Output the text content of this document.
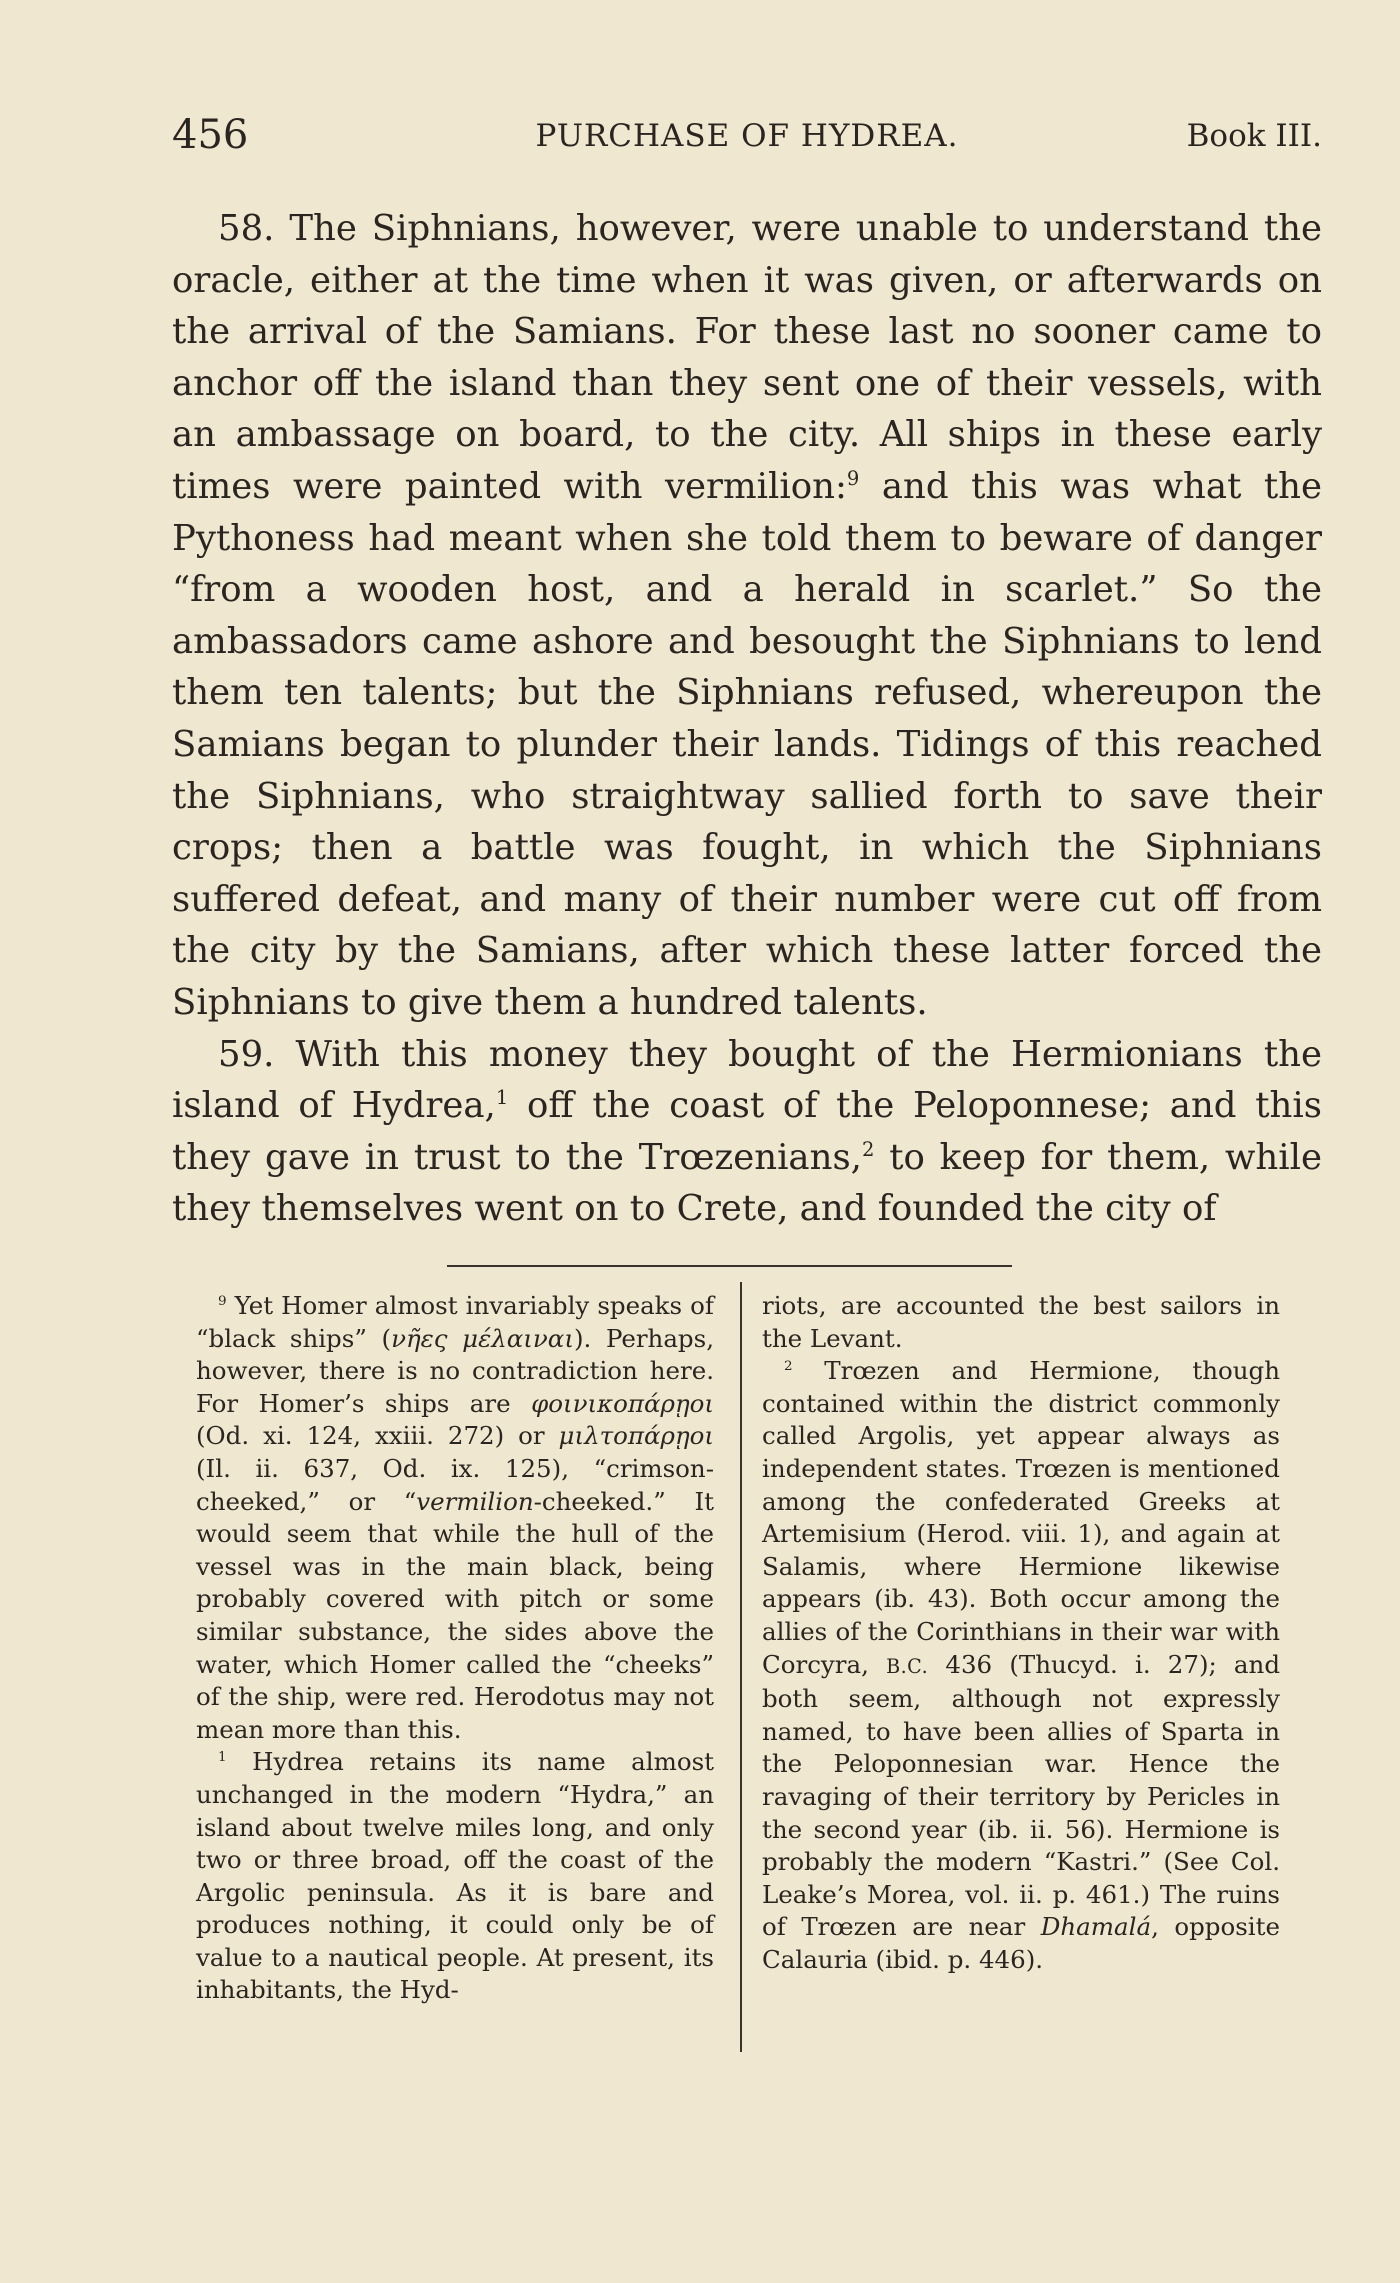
456	PURCHASE OF HYDREA.	Book III.

58. The Siphnians, however, were unable to understand the oracle, either at the time when it was given, or afterwards on the arrival of the Samians. For these last no sooner came to anchor off the island than they sent one of their vessels, with an ambassage on board, to the city. All ships in these early times were painted with vermilion:$^9$ and this was what the Pythoness had meant when she told them to beware of danger “from a wooden host, and a herald in scarlet.” So the ambassadors came ashore and besought the Siphnians to lend them ten talents; but the Siphnians refused, whereupon the Samians began to plunder their lands. Tidings of this reached the Siphnians, who straightway sallied forth to save their crops; then a battle was fought, in which the Siphnians suffered defeat, and many of their number were cut off from the city by the Samians, after which these latter forced the Siphnians to give them a hundred talents.

59. With this money they bought of the Hermionians the island of Hydrea,$^1$ off the coast of the Peloponnese; and this they gave in trust to the Trœzenians,$^2$ to keep for them, while they themselves went on to Crete, and founded the city of

$^9$ Yet Homer almost invariably speaks of “black ships” (νῆες μέλαιναι). Perhaps, however, there is no contradiction here. For Homer’s ships are φοινικοπάρῃοι (Od. xi. 124, xxiii. 272) or μιλτοπάρῃοι (Il. ii. 637, Od. ix. 125), “crimson-cheeked,” or “vermilion-cheeked.” It would seem that while the hull of the vessel was in the main black, being probably covered with pitch or some similar substance, the sides above the water, which Homer called the “cheeks” of the ship, were red. Herodotus may not mean more than this.

$^1$ Hydrea retains its name almost unchanged in the modern “Hydra,” an island about twelve miles long, and only two or three broad, off the coast of the Argolic peninsula. As it is bare and produces nothing, it could only be of value to a nautical people. At present, its inhabitants, the Hyd-

riots, are accounted the best sailors in the Levant.

$^2$ Trœzen and Hermione, though contained within the district commonly called Argolis, yet appear always as independent states. Trœzen is mentioned among the confederated Greeks at Artemisium (Herod. viii. 1), and again at Salamis, where Hermione likewise appears (ib. 43). Both occur among the allies of the Corinthians in their war with Corcyra, B.C. 436 (Thucyd. i. 27); and both seem, although not expressly named, to have been allies of Sparta in the Peloponnesian war. Hence the ravaging of their territory by Pericles in the second year (ib. ii. 56). Hermione is probably the modern “Kastri.” (See Col. Leake’s Morea, vol. ii. p. 461.) The ruins of Trœzen are near Dhamalá, opposite Calauria (ibid. p. 446).
